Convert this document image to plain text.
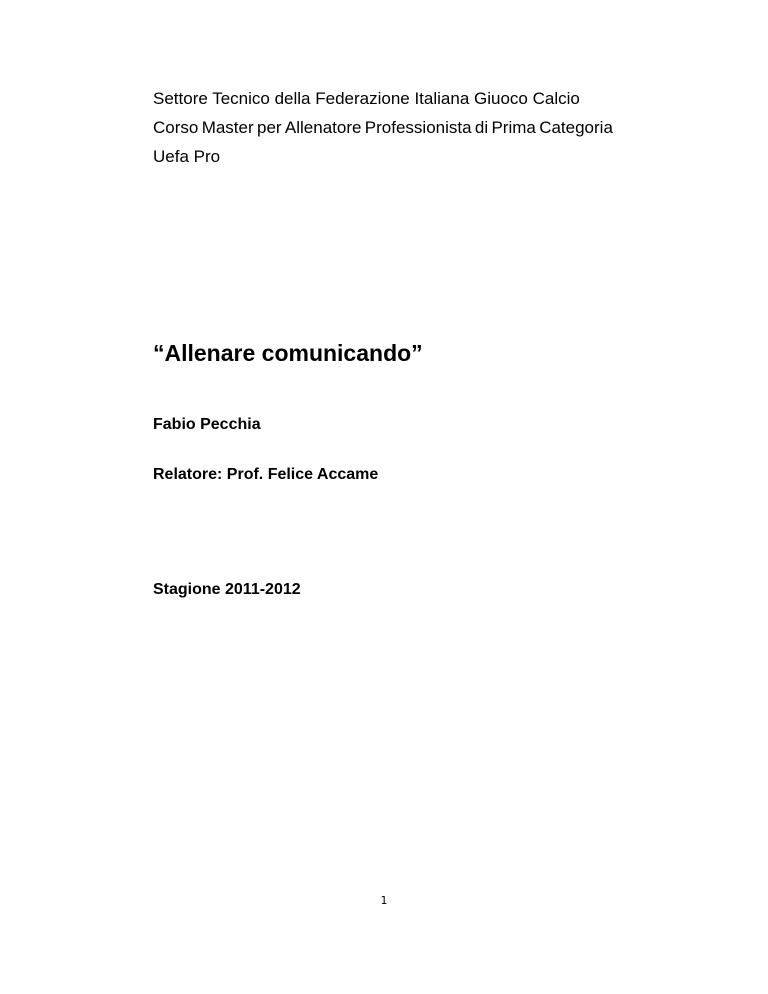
Settore Tecnico della Federazione Italiana Giuoco Calcio
Corso Master per Allenatore Professionista di Prima Categoria
Uefa Pro
“Allenare comunicando”
Fabio Pecchia
Relatore: Prof. Felice Accame
Stagione 2011-2012
1
